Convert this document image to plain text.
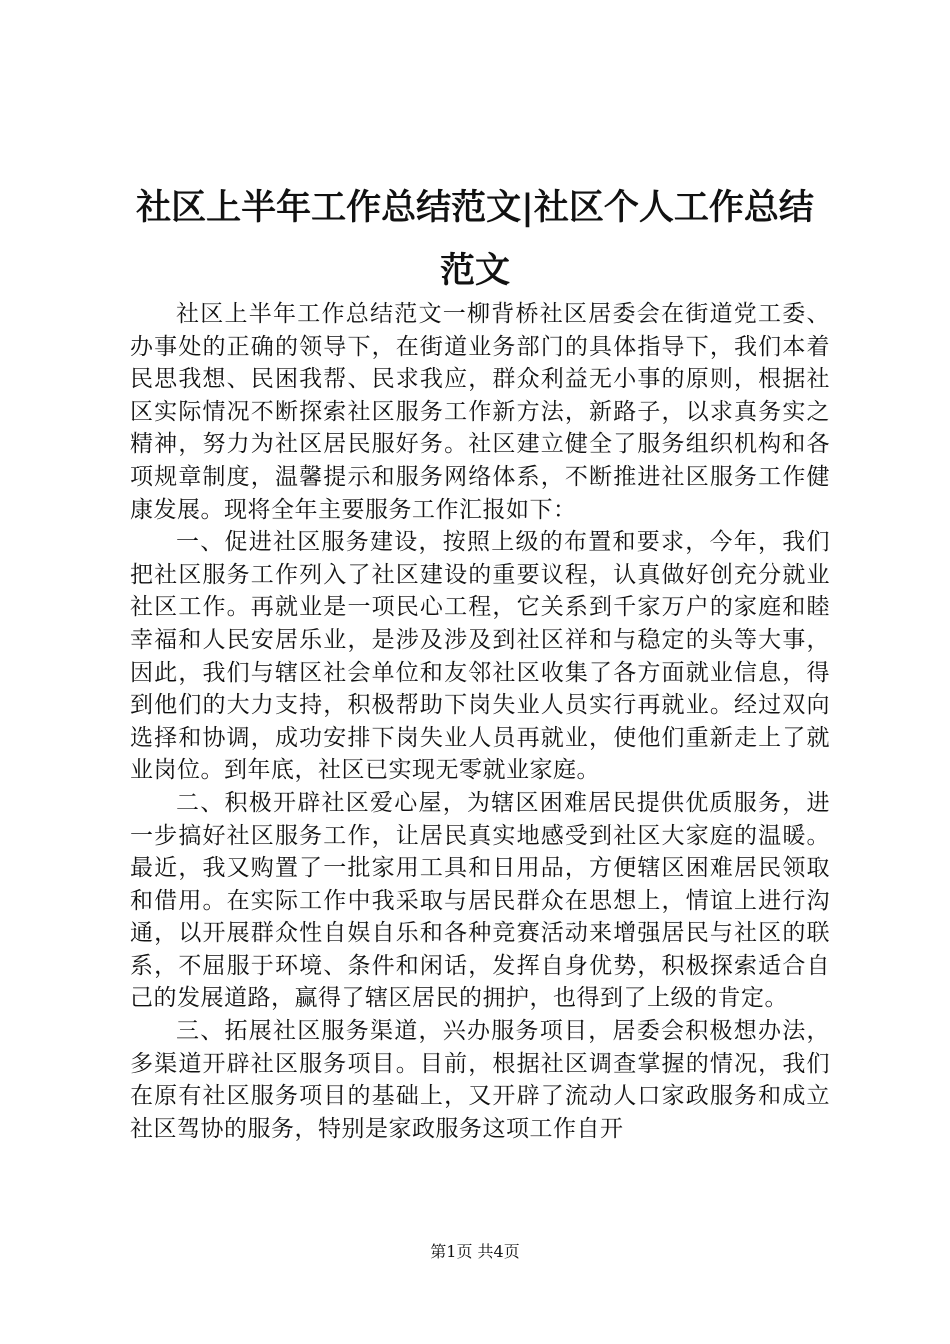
社区上半年工作总结范文|社区个人工作总结
范文

社区上半年工作总结范文一柳背桥社区居委会在街道党工委、办事处的正确的领导下，在街道业务部门的具体指导下，我们本着民思我想、民困我帮、民求我应，群众利益无小事的原则，根据社区实际情况不断探索社区服务工作新方法，新路子，以求真务实之精神，努力为社区居民服好务。社区建立健全了服务组织机构和各项规章制度，温馨提示和服务网络体系，不断推进社区服务工作健康发展。现将全年主要服务工作汇报如下：

一、促进社区服务建设，按照上级的布置和要求，今年，我们把社区服务工作列入了社区建设的重要议程，认真做好创充分就业社区工作。再就业是一项民心工程，它关系到千家万户的家庭和睦幸福和人民安居乐业，是涉及涉及到社区祥和与稳定的头等大事，因此，我们与辖区社会单位和友邻社区收集了各方面就业信息，得到他们的大力支持，积极帮助下岗失业人员实行再就业。经过双向选择和协调，成功安排下岗失业人员再就业，使他们重新走上了就业岗位。到年底，社区已实现无零就业家庭。

二、积极开辟社区爱心屋，为辖区困难居民提供优质服务，进一步搞好社区服务工作，让居民真实地感受到社区大家庭的温暖。最近，我又购置了一批家用工具和日用品，方便辖区困难居民领取和借用。在实际工作中我采取与居民群众在思想上，情谊上进行沟通，以开展群众性自娱自乐和各种竞赛活动来增强居民与社区的联系，不屈服于环境、条件和闲话，发挥自身优势，积极探索适合自己的发展道路，赢得了辖区居民的拥护，也得到了上级的肯定。

三、拓展社区服务渠道，兴办服务项目，居委会积极想办法，多渠道开辟社区服务项目。目前，根据社区调查掌握的情况，我们在原有社区服务项目的基础上，又开辟了流动人口家政服务和成立社区驾协的服务，特别是家政服务这项工作自开

第1页 共4页
